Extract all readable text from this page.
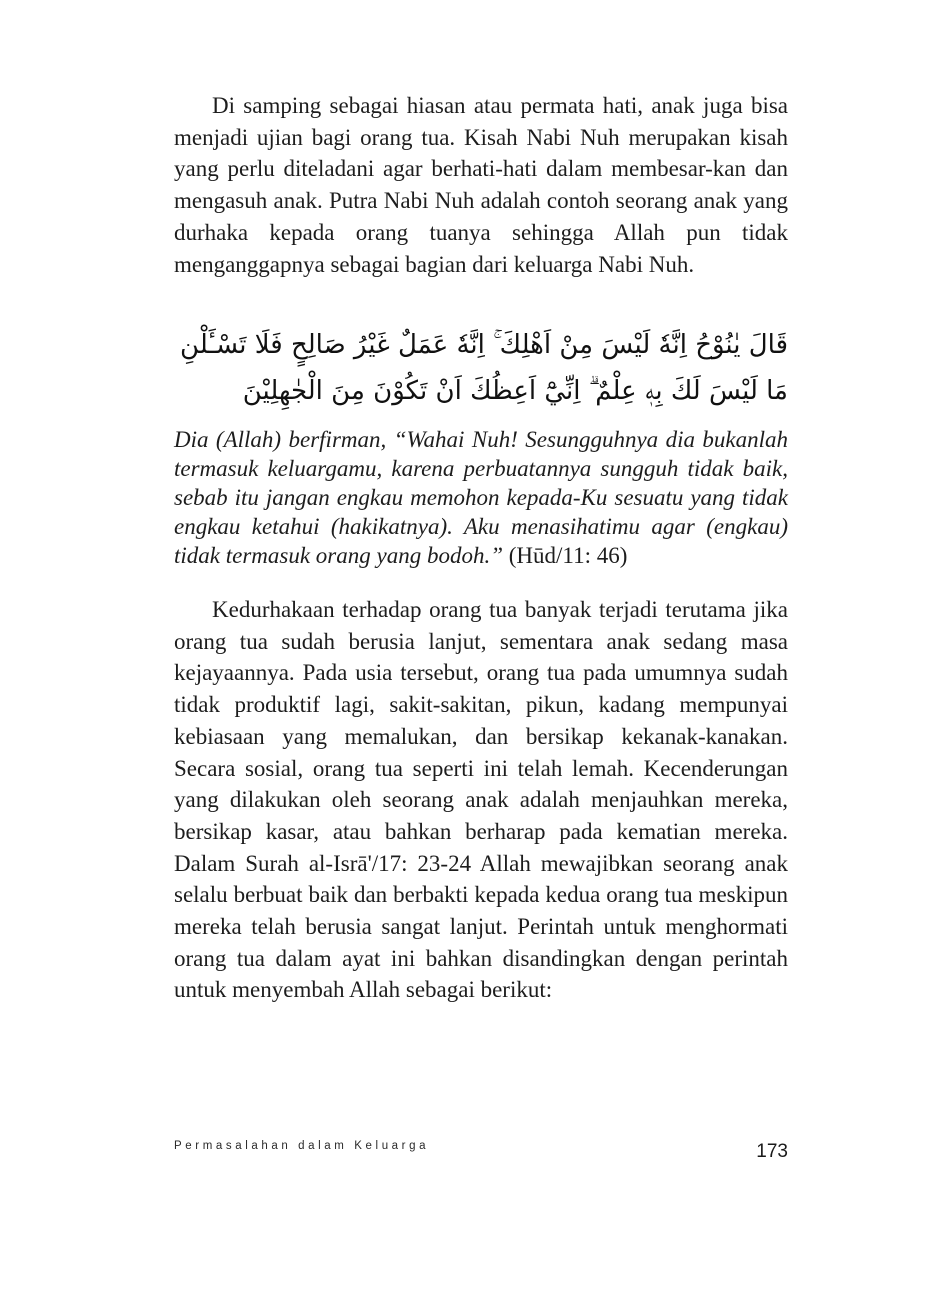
Di samping sebagai hiasan atau permata hati, anak juga bisa menjadi ujian bagi orang tua. Kisah Nabi Nuh merupakan kisah yang perlu diteladani agar berhati-hati dalam membesar-kan dan mengasuh anak. Putra Nabi Nuh adalah contoh seorang anak yang durhaka kepada orang tuanya sehingga Allah pun tidak menganggapnya sebagai bagian dari keluarga Nabi Nuh.

قَالَ يٰنُوْحُ اِنَّهٗ لَيْسَ مِنْ اَهْلِكَ ۚ اِنَّهٗ عَمَلٌ غَيْرُ صَالِحٍ فَلَا تَسْـَٔلْنِ مَا لَيْسَ لَكَ بِهٖ عِلْمٌ ۗ اِنِّيْٓ اَعِظُكَ اَنْ تَكُوْنَ مِنَ الْجٰهِلِيْنَ

Dia (Allah) berfirman, “Wahai Nuh! Sesungguhnya dia bukanlah termasuk keluargamu, karena perbuatannya sungguh tidak baik, sebab itu jangan engkau memohon kepada-Ku sesuatu yang tidak engkau ketahui (hakikatnya). Aku menasihatimu agar (engkau) tidak termasuk orang yang bodoh.” (Hūd/11: 46)

Kedurhakaan terhadap orang tua banyak terjadi terutama jika orang tua sudah berusia lanjut, sementara anak sedang masa kejayaannya. Pada usia tersebut, orang tua pada umumnya sudah tidak produktif lagi, sakit-sakitan, pikun, kadang mempunyai kebiasaan yang memalukan, dan bersikap kekanak-kanakan. Secara sosial, orang tua seperti ini telah lemah. Kecenderungan yang dilakukan oleh seorang anak adalah menjauhkan mereka, bersikap kasar, atau bahkan berharap pada kematian mereka. Dalam Surah al-Isrā'/17: 23-24 Allah mewajibkan seorang anak selalu berbuat baik dan berbakti kepada kedua orang tua meskipun mereka telah berusia sangat lanjut. Perintah untuk menghormati orang tua dalam ayat ini bahkan disandingkan dengan perintah untuk menyembah Allah sebagai berikut:

Permasalahan dalam Keluarga	173
